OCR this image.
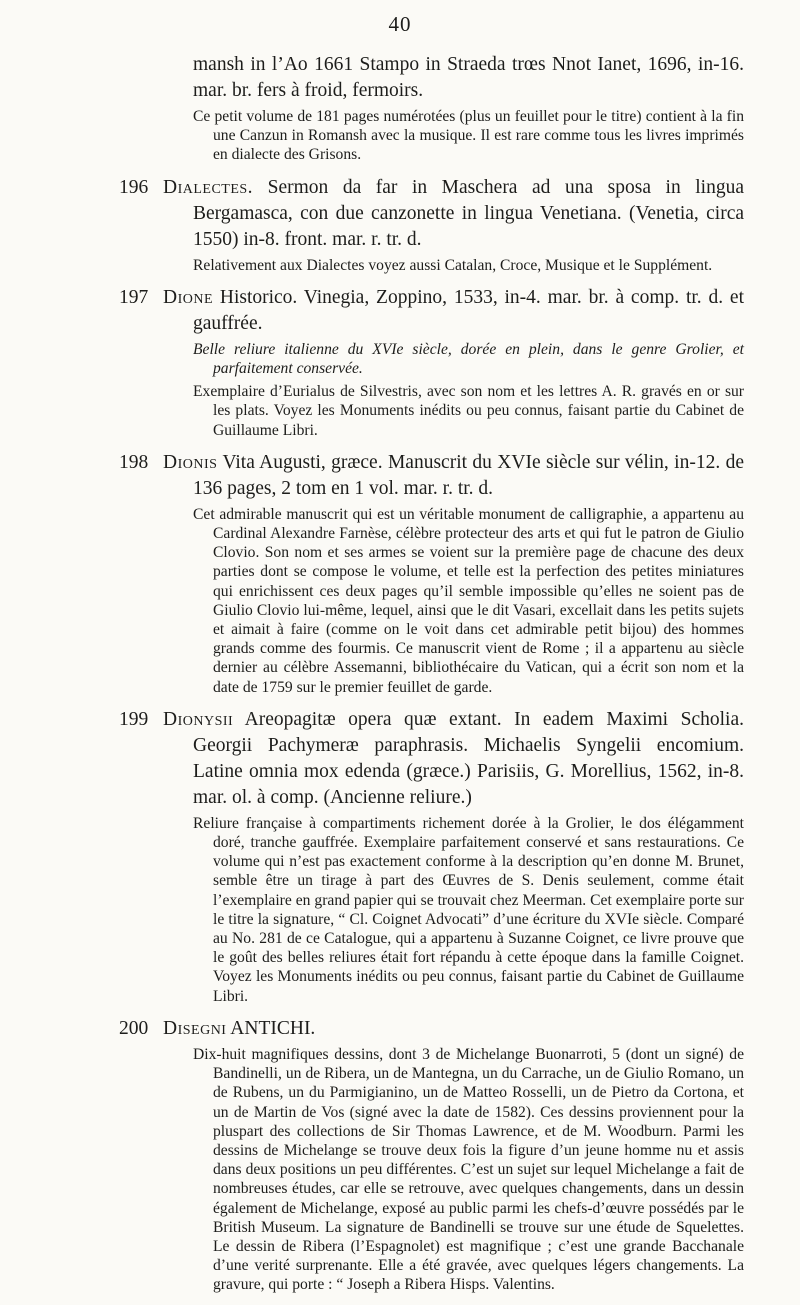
40
mansh in l’Ao 1661 Stampo in Straeda trœs Nnot Ianet, 1696, in-16. mar. br. fers à froid, fermoirs.
Ce petit volume de 181 pages numérotées (plus un feuillet pour le titre) contient à la fin une Canzun in Romansh avec la musique. Il est rare comme tous les livres imprimés en dialecte des Grisons.
196 Dialectes. Sermon da far in Maschera ad una sposa in lingua Bergamasca, con due canzonette in lingua Venetiana. (Venetia, circa 1550) in-8. front. mar. r. tr. d.
Relativement aux Dialectes voyez aussi Catalan, Croce, Musique et le Supplément.
197 Dione Historico. Vinegia, Zoppino, 1533, in-4. mar. br. à comp. tr. d. et gauffrée.
Belle reliure italienne du XVIe siècle, dorée en plein, dans le genre Grolier, et parfaitement conservée.
Exemplaire d’Eurialus de Silvestris, avec son nom et les lettres A. R. gravés en or sur les plats. Voyez les Monuments inédits ou peu connus, faisant partie du Cabinet de Guillaume Libri.
198 Dionis Vita Augusti, græce. Manuscrit du XVIe siècle sur vélin, in-12. de 136 pages, 2 tom en 1 vol. mar. r. tr. d.
Cet admirable manuscrit qui est un véritable monument de calligraphie, a appartenu au Cardinal Alexandre Farnèse, célèbre protecteur des arts et qui fut le patron de Giulio Clovio. Son nom et ses armes se voient sur la première page de chacune des deux parties dont se compose le volume, et telle est la perfection des petites miniatures qui enrichissent ces deux pages qu’il semble impossible qu’elles ne soient pas de Giulio Clovio lui-même, lequel, ainsi que le dit Vasari, excellait dans les petits sujets et aimait à faire (comme on le voit dans cet admirable petit bijou) des hommes grands comme des fourmis. Ce manuscrit vient de Rome ; il a appartenu au siècle dernier au célèbre Assemanni, bibliothécaire du Vatican, qui a écrit son nom et la date de 1759 sur le premier feuillet de garde.
199 Dionysii Areopagitæ opera quæ extant. In eadem Maximi Scholia. Georgii Pachymeræ paraphrasis. Michaelis Syngelii encomium. Latine omnia mox edenda (græce.) Parisiis, G. Morellius, 1562, in-8. mar. ol. à comp. (Ancienne reliure.)
Reliure française à compartiments richement dorée à la Grolier, le dos élégamment doré, tranche gauffrée. Exemplaire parfaitement conservé et sans restaurations. Ce volume qui n’est pas exactement conforme à la description qu’en donne M. Brunet, semble être un tirage à part des Œuvres de S. Denis seulement, comme était l’exemplaire en grand papier qui se trouvait chez Meerman. Cet exemplaire porte sur le titre la signature, “ Cl. Coignet Advocati” d’une écriture du XVIe siècle. Comparé au No. 281 de ce Catalogue, qui a appartenu à Suzanne Coignet, ce livre prouve que le goût des belles reliures était fort répandu à cette époque dans la famille Coignet. Voyez les Monuments inédits ou peu connus, faisant partie du Cabinet de Guillaume Libri.
200 Disegni ANTICHI.
Dix-huit magnifiques dessins, dont 3 de Michelange Buonarroti, 5 (dont un signé) de Bandinelli, un de Ribera, un de Mantegna, un du Carrache, un de Giulio Romano, un de Rubens, un du Parmigianino, un de Matteo Rosselli, un de Pietro da Cortona, et un de Martin de Vos (signé avec la date de 1582). Ces dessins proviennent pour la pluspart des collections de Sir Thomas Lawrence, et de M. Woodburn. Parmi les dessins de Michelange se trouve deux fois la figure d’un jeune homme nu et assis dans deux positions un peu différentes. C’est un sujet sur lequel Michelange a fait de nombreuses études, car elle se retrouve, avec quelques changements, dans un dessin également de Michelange, exposé au public parmi les chefs-d’œuvre possédés par le British Museum. La signature de Bandinelli se trouve sur une étude de Squelettes. Le dessin de Ribera (l’Espagnolet) est magnifique ; c’est une grande Bacchanale d’une verité surprenante. Elle a été gravée, avec quelques légers changements. La gravure, qui porte : “ Joseph a Ribera Hisps. Valentins.
